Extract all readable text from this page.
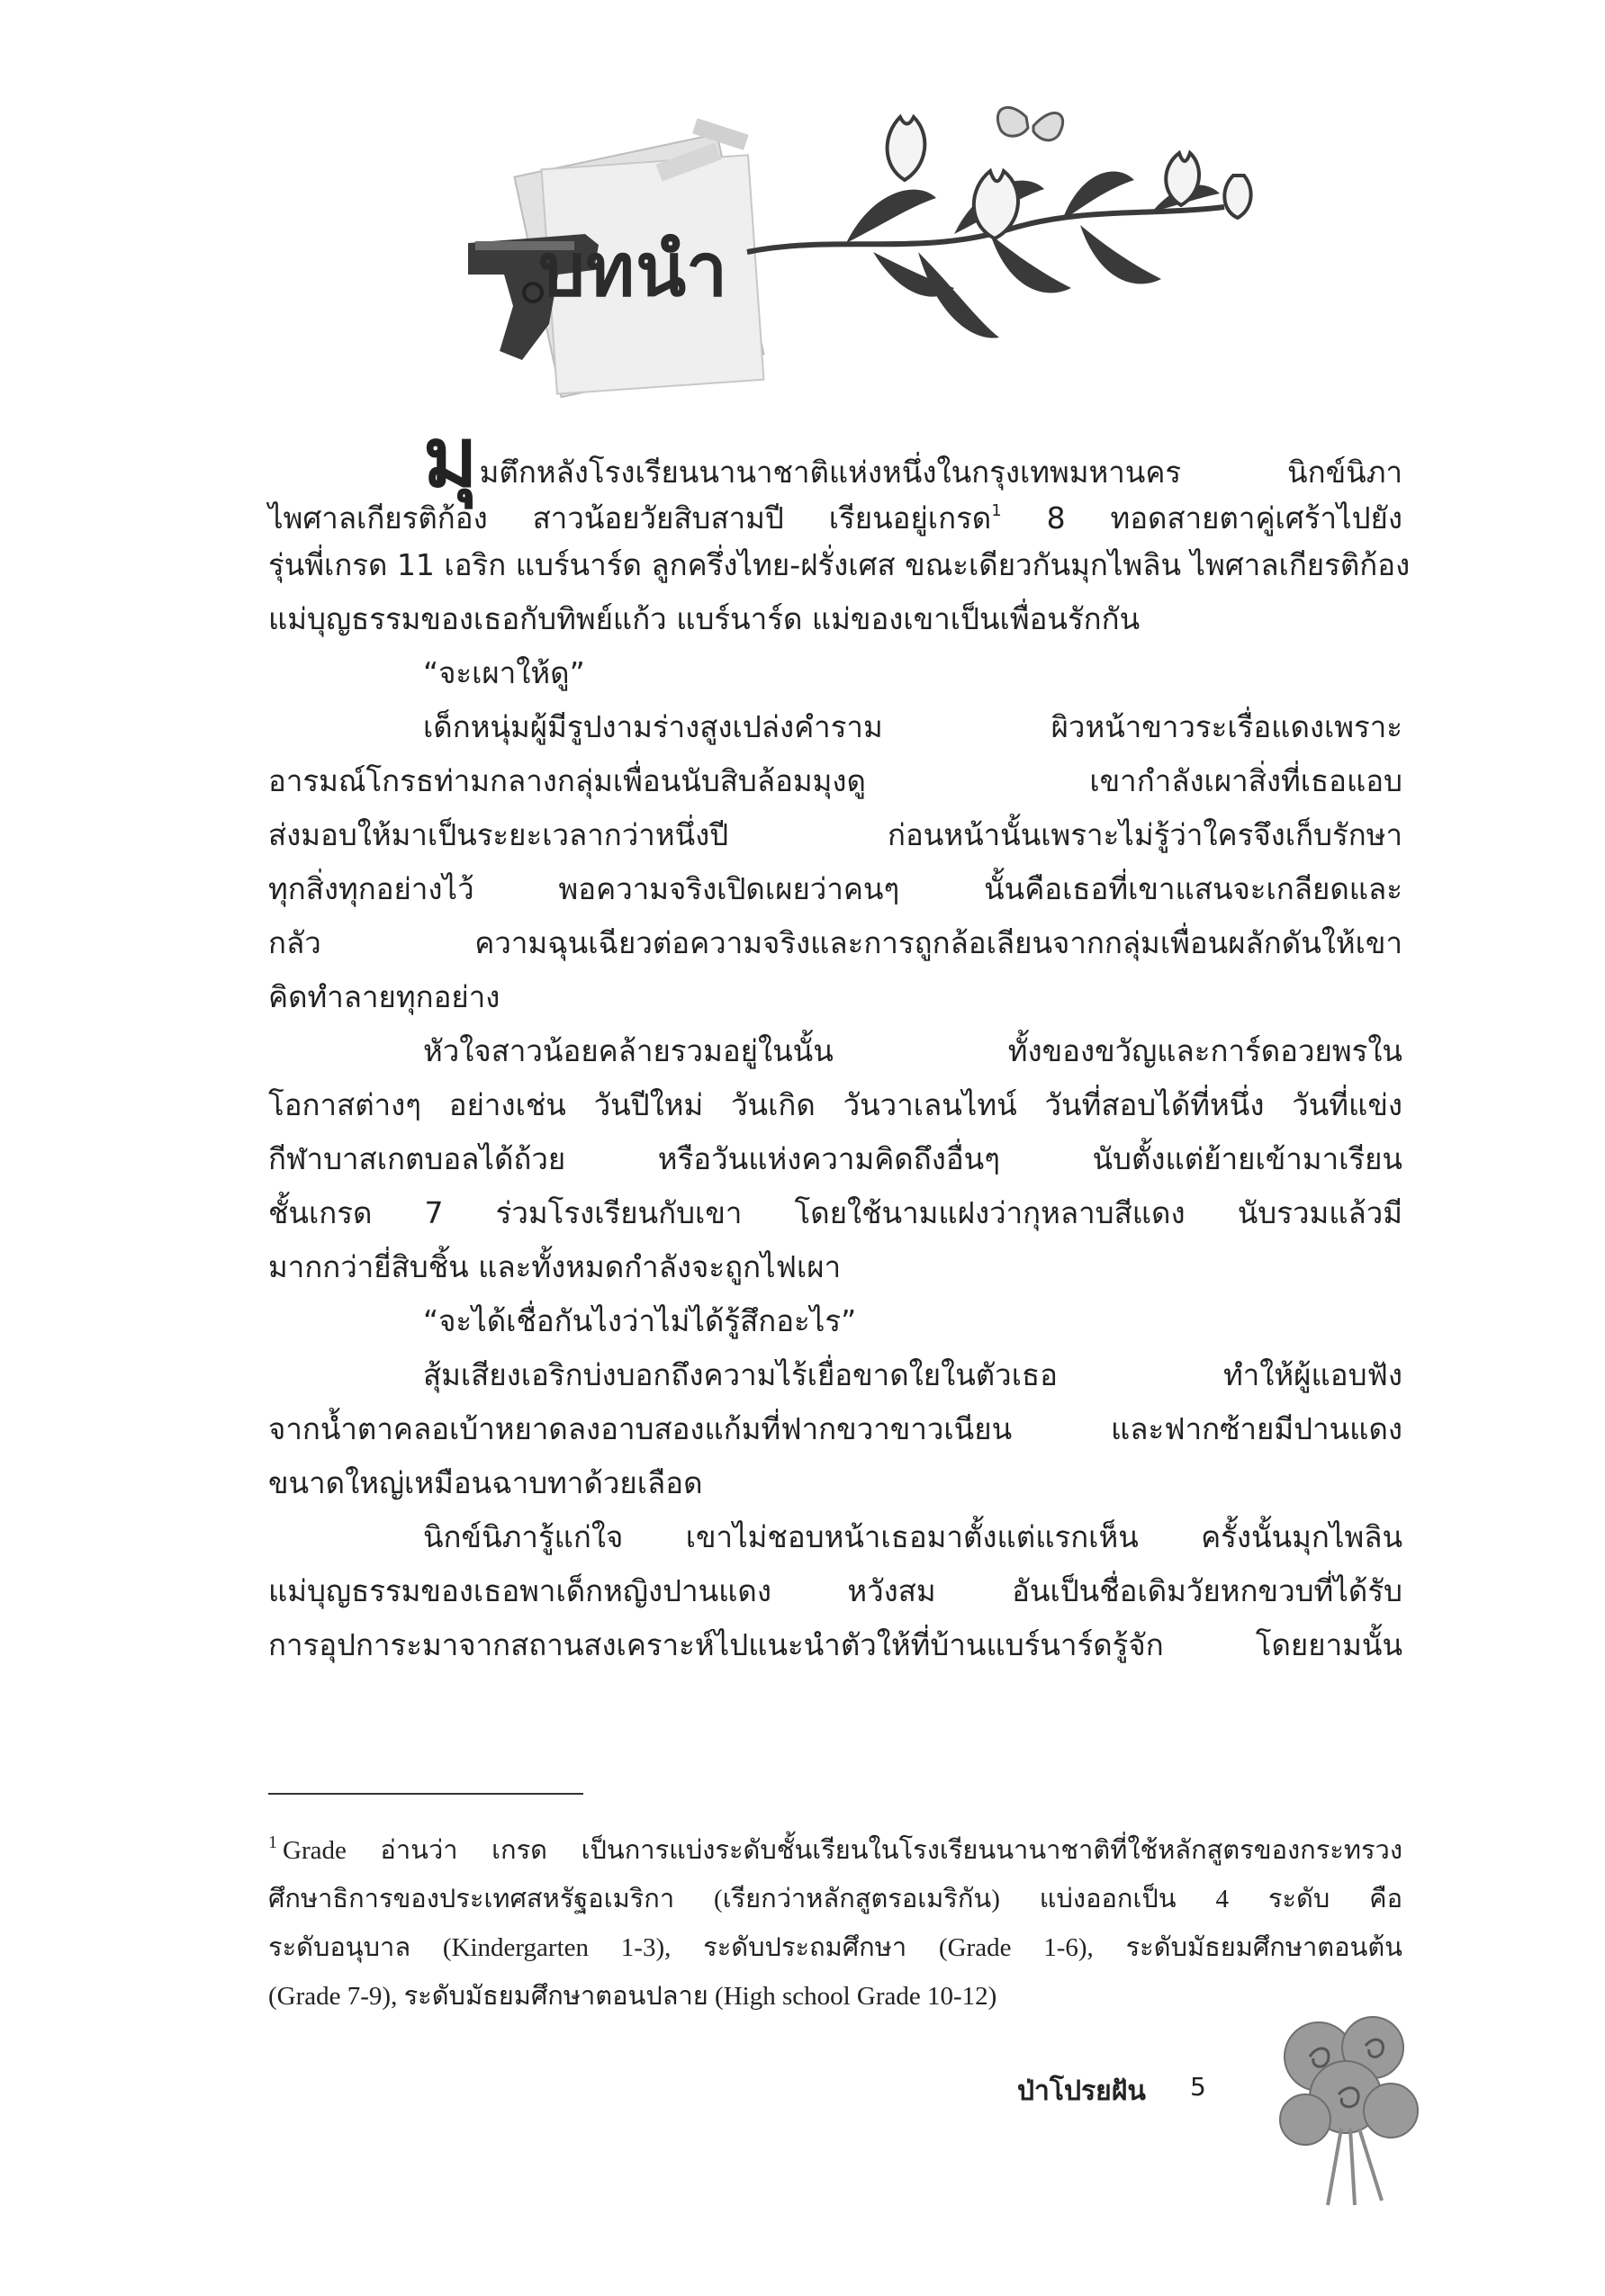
บทนำ
มุมตึกหลังโรงเรียนนานาชาติแห่งหนึ่งในกรุงเทพมหานคร นิกข์นิภา
ไพศาลเกียรติก้อง สาวน้อยวัยสิบสามปี เรียนอยู่เกรด$^1$ 8 ทอดสายตาคู่เศร้าไปยัง
รุ่นพี่เกรด 11 เอริก แบร์นาร์ด ลูกครึ่งไทย-ฝรั่งเศส ขณะเดียวกันมุกไพลิน ไพศาลเกียรติก้อง
แม่บุญธรรมของเธอกับทิพย์แก้ว แบร์นาร์ด แม่ของเขาเป็นเพื่อนรักกัน
“จะเผาให้ดู”
เด็กหนุ่มผู้มีรูปงามร่างสูงเปล่งคำราม ผิวหน้าขาวระเรื่อแดงเพราะ
อารมณ์โกรธท่ามกลางกลุ่มเพื่อนนับสิบล้อมมุงดู เขากำลังเผาสิ่งที่เธอแอบ
ส่งมอบให้มาเป็นระยะเวลากว่าหนึ่งปี ก่อนหน้านั้นเพราะไม่รู้ว่าใครจึงเก็บรักษา
ทุกสิ่งทุกอย่างไว้ พอความจริงเปิดเผยว่าคนๆ นั้นคือเธอที่เขาแสนจะเกลียดและ
กลัว ความฉุนเฉียวต่อความจริงและการถูกล้อเลียนจากกลุ่มเพื่อนผลักดันให้เขา
คิดทำลายทุกอย่าง
หัวใจสาวน้อยคล้ายรวมอยู่ในนั้น ทั้งของขวัญและการ์ดอวยพรใน
โอกาสต่างๆ อย่างเช่น วันปีใหม่ วันเกิด วันวาเลนไทน์ วันที่สอบได้ที่หนึ่ง วันที่แข่ง
กีฬาบาสเกตบอลได้ถ้วย หรือวันแห่งความคิดถึงอื่นๆ นับตั้งแต่ย้ายเข้ามาเรียน
ชั้นเกรด 7 ร่วมโรงเรียนกับเขา โดยใช้นามแฝงว่ากุหลาบสีแดง นับรวมแล้วมี
มากกว่ายี่สิบชิ้น และทั้งหมดกำลังจะถูกไฟเผา
“จะได้เชื่อกันไงว่าไม่ได้รู้สึกอะไร”
สุ้มเสียงเอริกบ่งบอกถึงความไร้เยื่อขาดใยในตัวเธอ ทำให้ผู้แอบฟัง
จากน้ำตาคลอเบ้าหยาดลงอาบสองแก้มที่ฟากขวาขาวเนียน และฟากซ้ายมีปานแดง
ขนาดใหญ่เหมือนฉาบทาด้วยเลือด
นิกข์นิภารู้แก่ใจ เขาไม่ชอบหน้าเธอมาตั้งแต่แรกเห็น ครั้งนั้นมุกไพลิน
แม่บุญธรรมของเธอพาเด็กหญิงปานแดง หวังสม อันเป็นชื่อเดิมวัยหกขวบที่ได้รับ
การอุปการะมาจากสถานสงเคราะห์ไปแนะนำตัวให้ที่บ้านแบร์นาร์ดรู้จัก โดยยามนั้น
$^1$ Grade อ่านว่า เกรด เป็นการแบ่งระดับชั้นเรียนในโรงเรียนนานาชาติที่ใช้หลักสูตรของกระทรวง
ศึกษาธิการของประเทศสหรัฐอเมริกา (เรียกว่าหลักสูตรอเมริกัน) แบ่งออกเป็น 4 ระดับ คือ
ระดับอนุบาล (Kindergarten 1-3), ระดับประถมศึกษา (Grade 1-6), ระดับมัธยมศึกษาตอนต้น
(Grade 7-9), ระดับมัธยมศึกษาตอนปลาย (High school Grade 10-12)
ป่าโปรยฝัน 5
